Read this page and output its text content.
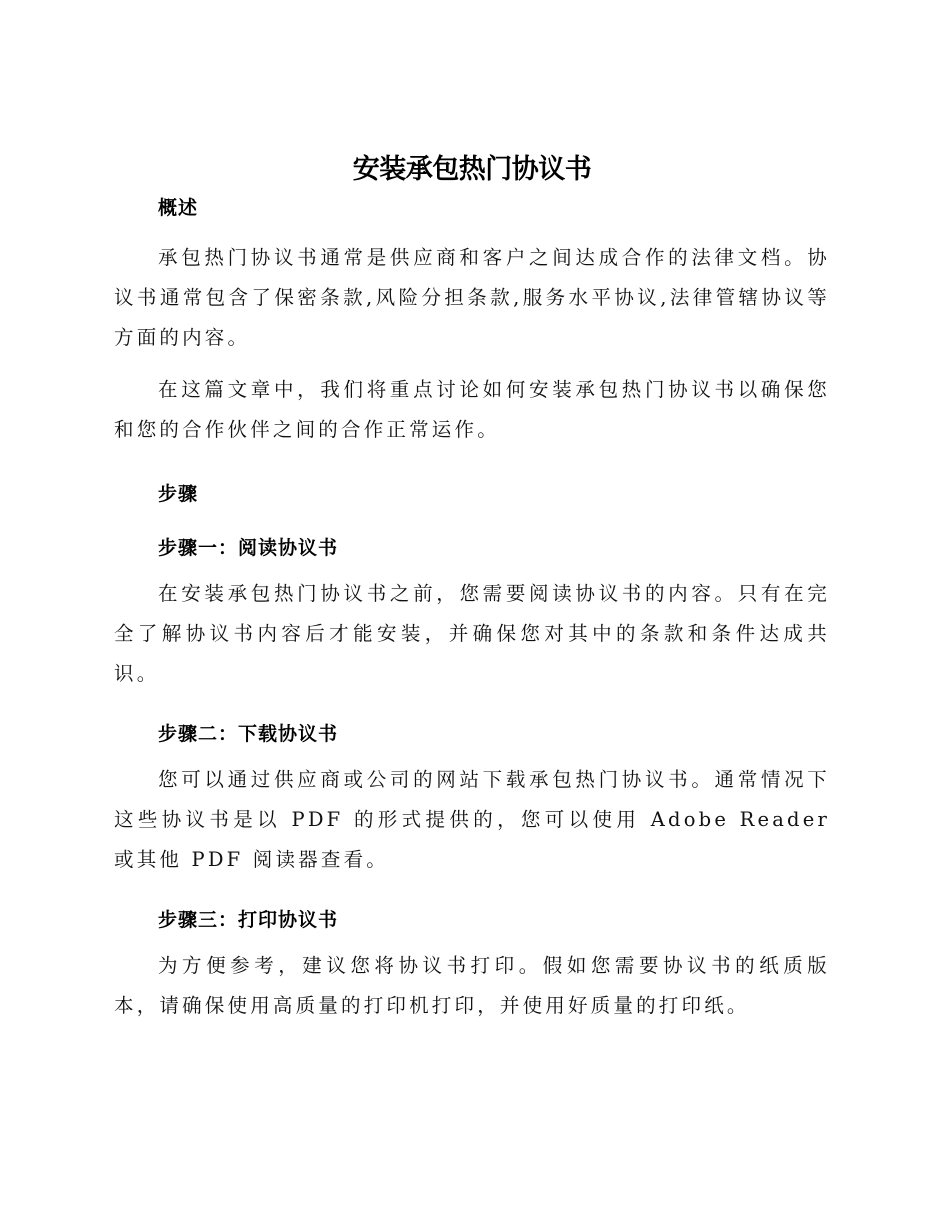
安装承包热门协议书
概述

承包热门协议书通常是供应商和客户之间达成合作的法律文档。协议书通常包含了保密条款,风险分担条款,服务水平协议,法律管辖协议等方面的内容。

在这篇文章中，我们将重点讨论如何安装承包热门协议书以确保您和您的合作伙伴之间的合作正常运作。

步骤
步骤一：阅读协议书

在安装承包热门协议书之前，您需要阅读协议书的内容。只有在完全了解协议书内容后才能安装，并确保您对其中的条款和条件达成共识。

步骤二：下载协议书

您可以通过供应商或公司的网站下载承包热门协议书。通常情况下这些协议书是以 PDF 的形式提供的，您可以使用 Adobe Reader 或其他 PDF 阅读器查看。

步骤三：打印协议书

为方便参考，建议您将协议书打印。假如您需要协议书的纸质版本，请确保使用高质量的打印机打印，并使用好质量的打印纸。
